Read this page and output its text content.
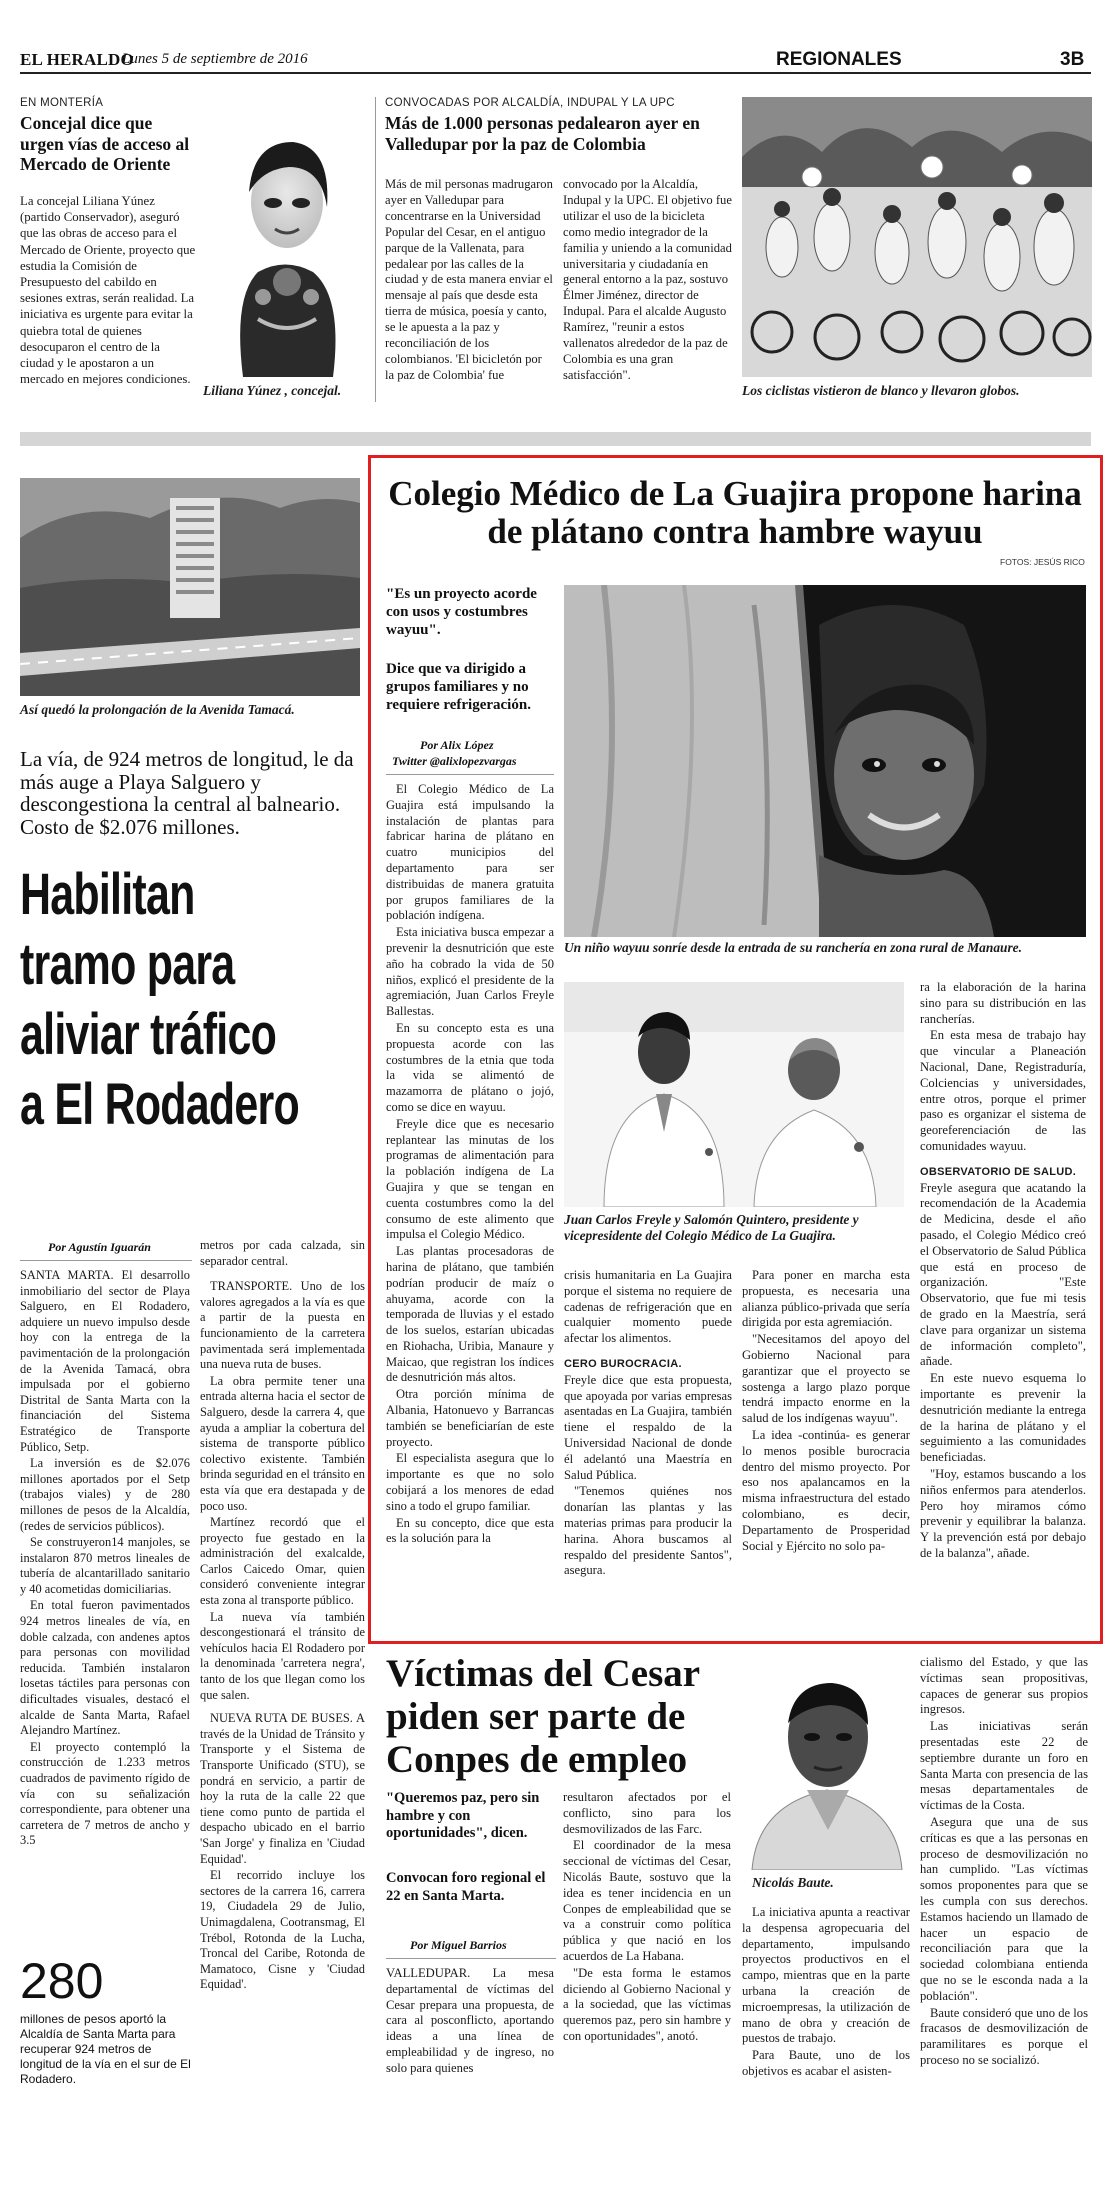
EL HERALDO
Lunes 5 de septiembre de 2016	REGIONALES	3B
EN MONTERÍA
Concejal dice que urgen vías de acceso al Mercado de Oriente
La concejal Liliana Yúnez (partido Conservador), aseguró que las obras de acceso para el Mercado de Oriente, proyecto que estudia la Comisión de Presupuesto del cabildo en sesiones extras, serán realidad. La iniciativa es urgente para evitar la quiebra total de quienes desocuparon el centro de la ciudad y le apostaron a un mercado en mejores condiciones.
Liliana Yúnez , concejal.
CONVOCADAS POR ALCALDÍA, INDUPAL Y LA UPC
Más de 1.000 personas pedalearon ayer en Valledupar por la paz de Colombia
Más de mil personas madrugaron ayer en Valledupar para concentrarse en la Universidad Popular del Cesar, en el antiguo parque de la Vallenata, para pedalear por las calles de la ciudad y de esta manera enviar el mensaje al país que desde esta tierra de música, poesía y canto, se le apuesta a la paz y reconciliación de los colombianos. 'El bicicletón por la paz de Colombia' fue
convocado por la Alcaldía, Indupal y la UPC. El objetivo fue utilizar el uso de la bicicleta como medio integrador de la familia y uniendo a la comunidad universitaria y ciudadanía en general entorno a la paz, sostuvo Élmer Jiménez, director de Indupal. Para el alcalde Augusto Ramírez, "reunir a estos vallenatos alrededor de la paz de Colombia es una gran satisfacción".
Los ciclistas vistieron de blanco y llevaron globos.
Así quedó la prolongación de la Avenida Tamacá.
La vía, de 924 metros de longitud, le da más auge a Playa Salguero y descongestiona la central al balneario. Costo de $2.076 millones.
Habilitan
tramo para
aliviar tráfico
a El Rodadero
Por Agustín Iguarán

SANTA MARTA. El desarrollo inmobiliario del sector de Playa Salguero, en El Rodadero, adquiere un nuevo impulso desde hoy con la entrega de la pavimentación de la prolongación de la Avenida Tamacá, obra impulsada por el gobierno Distrital de Santa Marta con la financiación del Sistema Estratégico de Transporte Público, Setp.

La inversión es de $2.076 millones aportados por el Setp (trabajos viales) y de 280 millones de pesos de la Alcaldía, (redes de servicios públicos).

Se construyeron14 manjoles, se instalaron 870 metros lineales de tubería de alcantarillado sanitario y 40 acometidas domiciliarias.

En total fueron pavimentados 924 metros lineales de vía, en doble calzada, con andenes aptos para personas con movilidad reducida. También instalaron losetas táctiles para personas con dificultades visuales, destacó el alcalde de Santa Marta, Rafael Alejandro Martínez.

El proyecto contempló la construcción de 1.233 metros cuadrados de pavimento rígido de vía con su señalización correspondiente, para obtener una carretera de 7 metros de ancho y 3.5

metros por cada calzada, sin separador central.

TRANSPORTE. Uno de los valores agregados a la vía es que a partir de la puesta en funcionamiento de la carretera pavimentada será implementada una nueva ruta de buses.

La obra permite tener una entrada alterna hacia el sector de Salguero, desde la carrera 4, que ayuda a ampliar la cobertura del sistema de transporte público colectivo existente. También brinda seguridad en el tránsito en esta vía que era destapada y de poco uso.

Martínez recordó que el proyecto fue gestado en la administración del exalcalde, Carlos Caicedo Omar, quien consideró conveniente integrar esta zona al transporte público.

La nueva vía también descongestionará el tránsito de vehículos hacia El Rodadero por la denominada 'carretera negra', tanto de los que llegan como los que salen.

NUEVA RUTA DE BUSES. A través de la Unidad de Tránsito y Transporte y el Sistema de Transporte Unificado (STU), se pondrá en servicio, a partir de hoy la ruta de la calle 22 que tiene como punto de partida el despacho ubicado en el barrio 'San Jorge' y finaliza en 'Ciudad Equidad'.

El recorrido incluye los sectores de la carrera 16, carrera 19, Ciudadela 29 de Julio, Unimagdalena, Cootransmag, El Trébol, Rotonda de la Lucha, Troncal del Caribe, Rotonda de Mamatoco, Cisne y 'Ciudad Equidad'.

280
millones de pesos aportó la Alcaldía de Santa Marta para recuperar 924 metros de longitud de la vía en el sur de El Rodadero.
Colegio Médico de La Guajira propone harina de plátano contra hambre wayuu
FOTOS: JESÚS RICO
"Es un proyecto acorde con usos y costumbres wayuu".
Dice que va dirigido a grupos familiares y no requiere refrigeración.
Por Alix López
Twitter @alixlopezvargas

El Colegio Médico de La Guajira está impulsando la instalación de plantas para fabricar harina de plátano en cuatro municipios del departamento para ser distribuidas de manera gratuita por grupos familiares de la población indígena.

Esta iniciativa busca empezar a prevenir la desnutrición que este año ha cobrado la vida de 50 niños, explicó el presidente de la agremiación, Juan Carlos Freyle Ballestas.

En su concepto esta es una propuesta acorde con las costumbres de la etnia que toda la vida se alimentó de mazamorra de plátano o jojó, como se dice en wayuu.

Freyle dice que es necesario replantear las minutas de los programas de alimentación para la población indígena de La Guajira y que se tengan en cuenta costumbres como la del consumo de este alimento que impulsa el Colegio Médico.

Las plantas procesadoras de harina de plátano, que también podrían producir de maíz o ahuyama, acorde con la temporada de lluvias y el estado de los suelos, estarían ubicadas en Riohacha, Uribia, Manaure y Maicao, que registran los índices de desnutrición más altos.

Otra porción mínima de Albania, Hatonuevo y Barrancas también se beneficiarían de este proyecto.

El especialista asegura que lo importante es que no solo cobijará a los menores de edad sino a todo el grupo familiar.

En su concepto, dice que esta es la solución para la

Un niño wayuu sonríe desde la entrada de su ranchería en zona rural de Manaure.
Juan Carlos Freyle y Salomón Quintero, presidente y vicepresidente del Colegio Médico de La Guajira.

ra la elaboración de la harina sino para su distribución en las rancherías.

En esta mesa de trabajo hay que vincular a Planeación Nacional, Dane, Registraduría, Colciencias y universidades, entre otros, porque el primer paso es organizar el sistema de georeferenciación de las comunidades wayuu.

OBSERVATORIO DE SALUD.

Freyle asegura que acatando la recomendación de la Academia de Medicina, desde el año pasado, el Colegio Médico creó el Observatorio de Salud Pública que está en proceso de organización. "Este Observatorio, que fue mi tesis de grado en la Maestría, será clave para organizar un sistema de información completo", añade.

En este nuevo esquema lo importante es prevenir la desnutrición mediante la entrega de la harina de plátano y el seguimiento a las comunidades beneficiadas.

"Hoy, estamos buscando a los niños enfermos para atenderlos. Pero hoy miramos cómo prevenir y equilibrar la balanza. Y la prevención está por debajo de la balanza", añade.

crisis humanitaria en La Guajira porque el sistema no requiere de cadenas de refrigeración que en cualquier momento puede afectar los alimentos.

CERO BUROCRACIA.

Freyle dice que esta propuesta, que apoyada por varias empresas asentadas en La Guajira, también tiene el respaldo de la Universidad Nacional de donde él adelantó una Maestría en Salud Pública.

"Tenemos quiénes nos donarían las plantas y las materias primas para producir la harina. Ahora buscamos al respaldo del presidente Santos", asegura.

Para poner en marcha esta propuesta, es necesaria una alianza público-privada que sería dirigida por esta agremiación.

"Necesitamos del apoyo del Gobierno Nacional para garantizar que el proyecto se sostenga a largo plazo porque tendrá impacto enorme en la salud de los indígenas wayuu".

La idea -continúa- es generar lo menos posible burocracia dentro del mismo proyecto. Por eso nos apalancamos en la misma infraestructura del estado colombiano, es decir, Departamento de Prosperidad Social y Ejército no solo pa-

Víctimas del Cesar piden ser parte de Conpes de empleo
"Queremos paz, pero sin hambre y con oportunidades", dicen.
Convocan foro regional el 22 en Santa Marta.
Por Miguel Barrios

VALLEDUPAR. La mesa departamental de víctimas del Cesar prepara una propuesta, de cara al posconflicto, aportando ideas a una línea de empleabilidad y de ingreso, no solo para quienes

resultaron afectados por el conflicto, sino para los desmovilizados de las Farc.

El coordinador de la mesa seccional de víctimas del Cesar, Nicolás Baute, sostuvo que la idea es tener incidencia en un Conpes de empleabilidad que se va a construir como política pública y que nació en los acuerdos de La Habana.

"De esta forma le estamos diciendo al Gobierno Nacional y a la sociedad, que las víctimas queremos paz, pero sin hambre y con oportunidades", anotó.

Nicolás Baute.

La iniciativa apunta a reactivar la despensa agropecuaria del departamento, impulsando proyectos productivos en el campo, mientras que en la parte urbana la creación de microempresas, la utilización de mano de obra y creación de puestos de trabajo.

Para Baute, uno de los objetivos es acabar el asisten-

cialismo del Estado, y que las víctimas sean propositivas, capaces de generar sus propios ingresos.

Las iniciativas serán presentadas este 22 de septiembre durante un foro en Santa Marta con presencia de las mesas departamentales de víctimas de la Costa.

Asegura que una de sus críticas es que a las personas en proceso de desmovilización no han cumplido. "Las víctimas somos proponentes para que se les cumpla con sus derechos. Estamos haciendo un llamado de hacer un espacio de reconciliación para que la sociedad colombiana entienda que no se le esconda nada a la población".

Baute consideró que uno de los fracasos de desmovilización de paramilitares es porque el proceso no se socializó.
